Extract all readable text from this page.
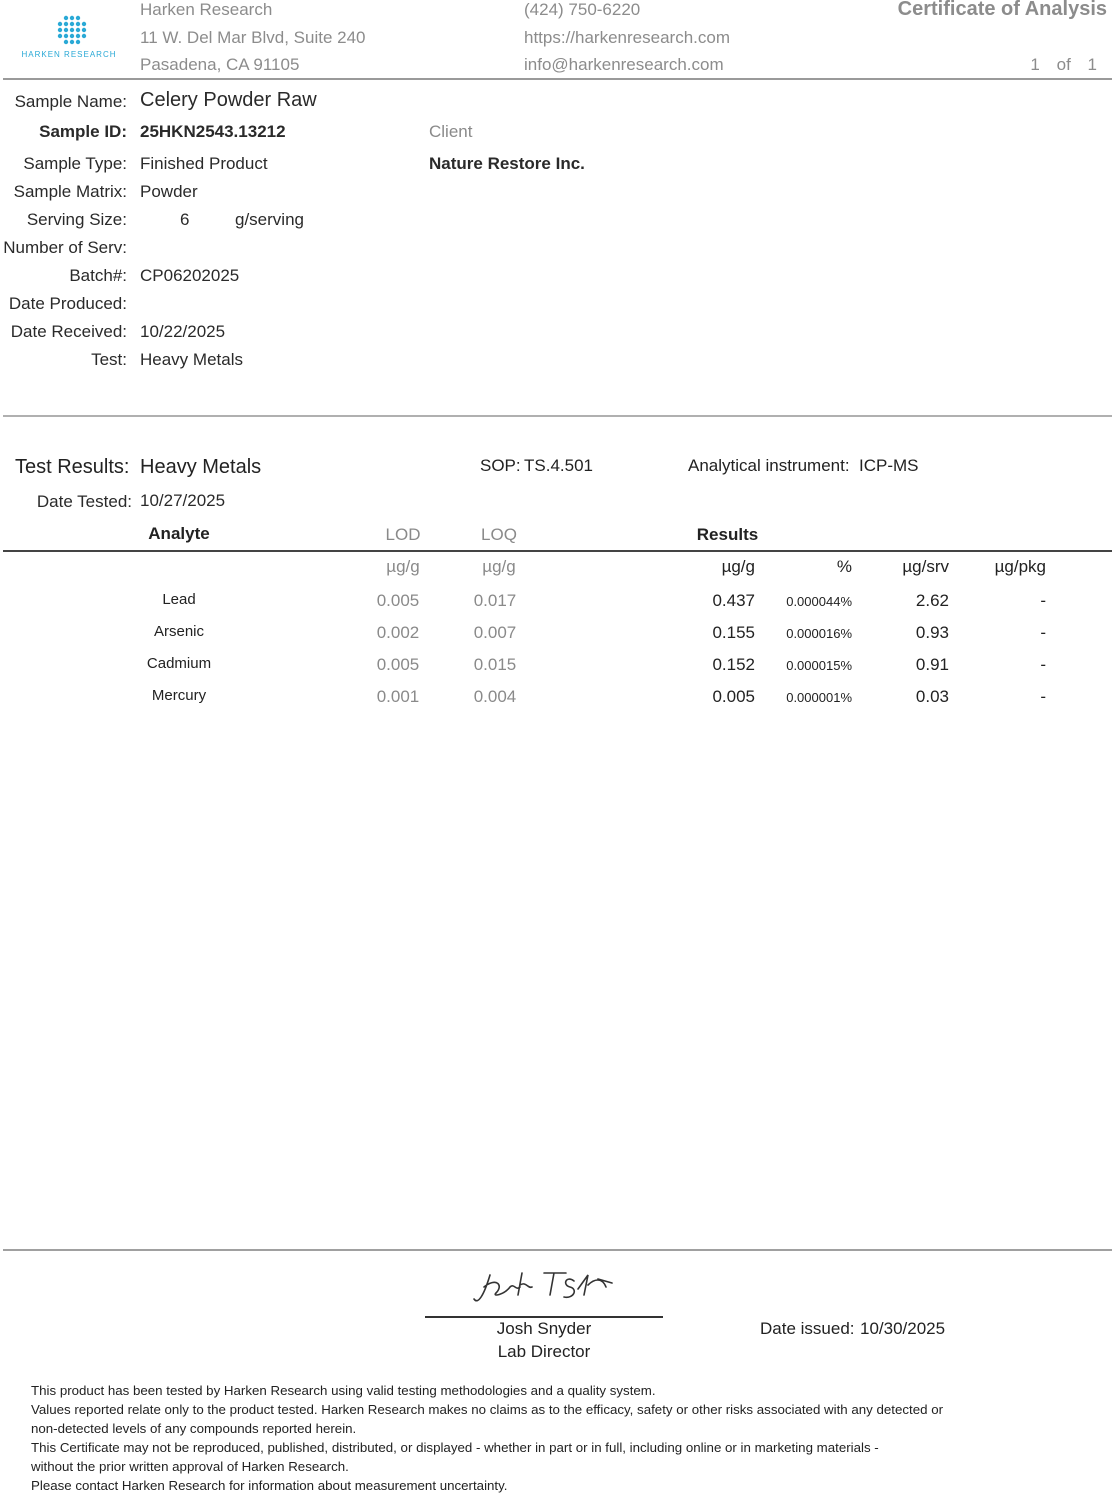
HARKEN RESEARCH
Harken Research
11 W. Del Mar Blvd, Suite 240
Pasadena, CA 91105
(424) 750-6220
https://harkenresearch.com
info@harkenresearch.com
Certificate of Analysis
1 of 1
Sample Name: Celery Powder Raw
Sample ID: 25HKN2543.13212
Sample Type: Finished Product
Sample Matrix: Powder
Serving Size:	6	g/serving
Number of Serv:
Batch#: CP06202025
Date Produced:
Date Received: 10/22/2025
Test: Heavy Metals
Client
Nature Restore Inc.
Test Results: Heavy Metals	SOP: TS.4.501	Analytical instrument: ICP-MS
Date Tested: 10/27/2025
Analyte	LOD	LOQ	Results
µg/g	µg/g	µg/g	%	µg/srv	µg/pkg
Lead	0.005	0.017	0.437 0.000044%	2.62	-
Arsenic	0.002	0.007	0.155 0.000016%	0.93	-
Cadmium	0.005	0.015	0.152 0.000015%	0.91	-
Mercury	0.001	0.004	0.005 0.000001%	0.03	-
Josh Snyder
Lab Director
Date issued: 10/30/2025
This product has been tested by Harken Research using valid testing methodologies and a quality system.
Values reported relate only to the product tested. Harken Research makes no claims as to the efficacy, safety or other risks associated with any detected or
non-detected levels of any compounds reported herein.
This Certificate may not be reproduced, published, distributed, or displayed - whether in part or in full, including online or in marketing materials -
without the prior written approval of Harken Research.
Please contact Harken Research for information about measurement uncertainty.
